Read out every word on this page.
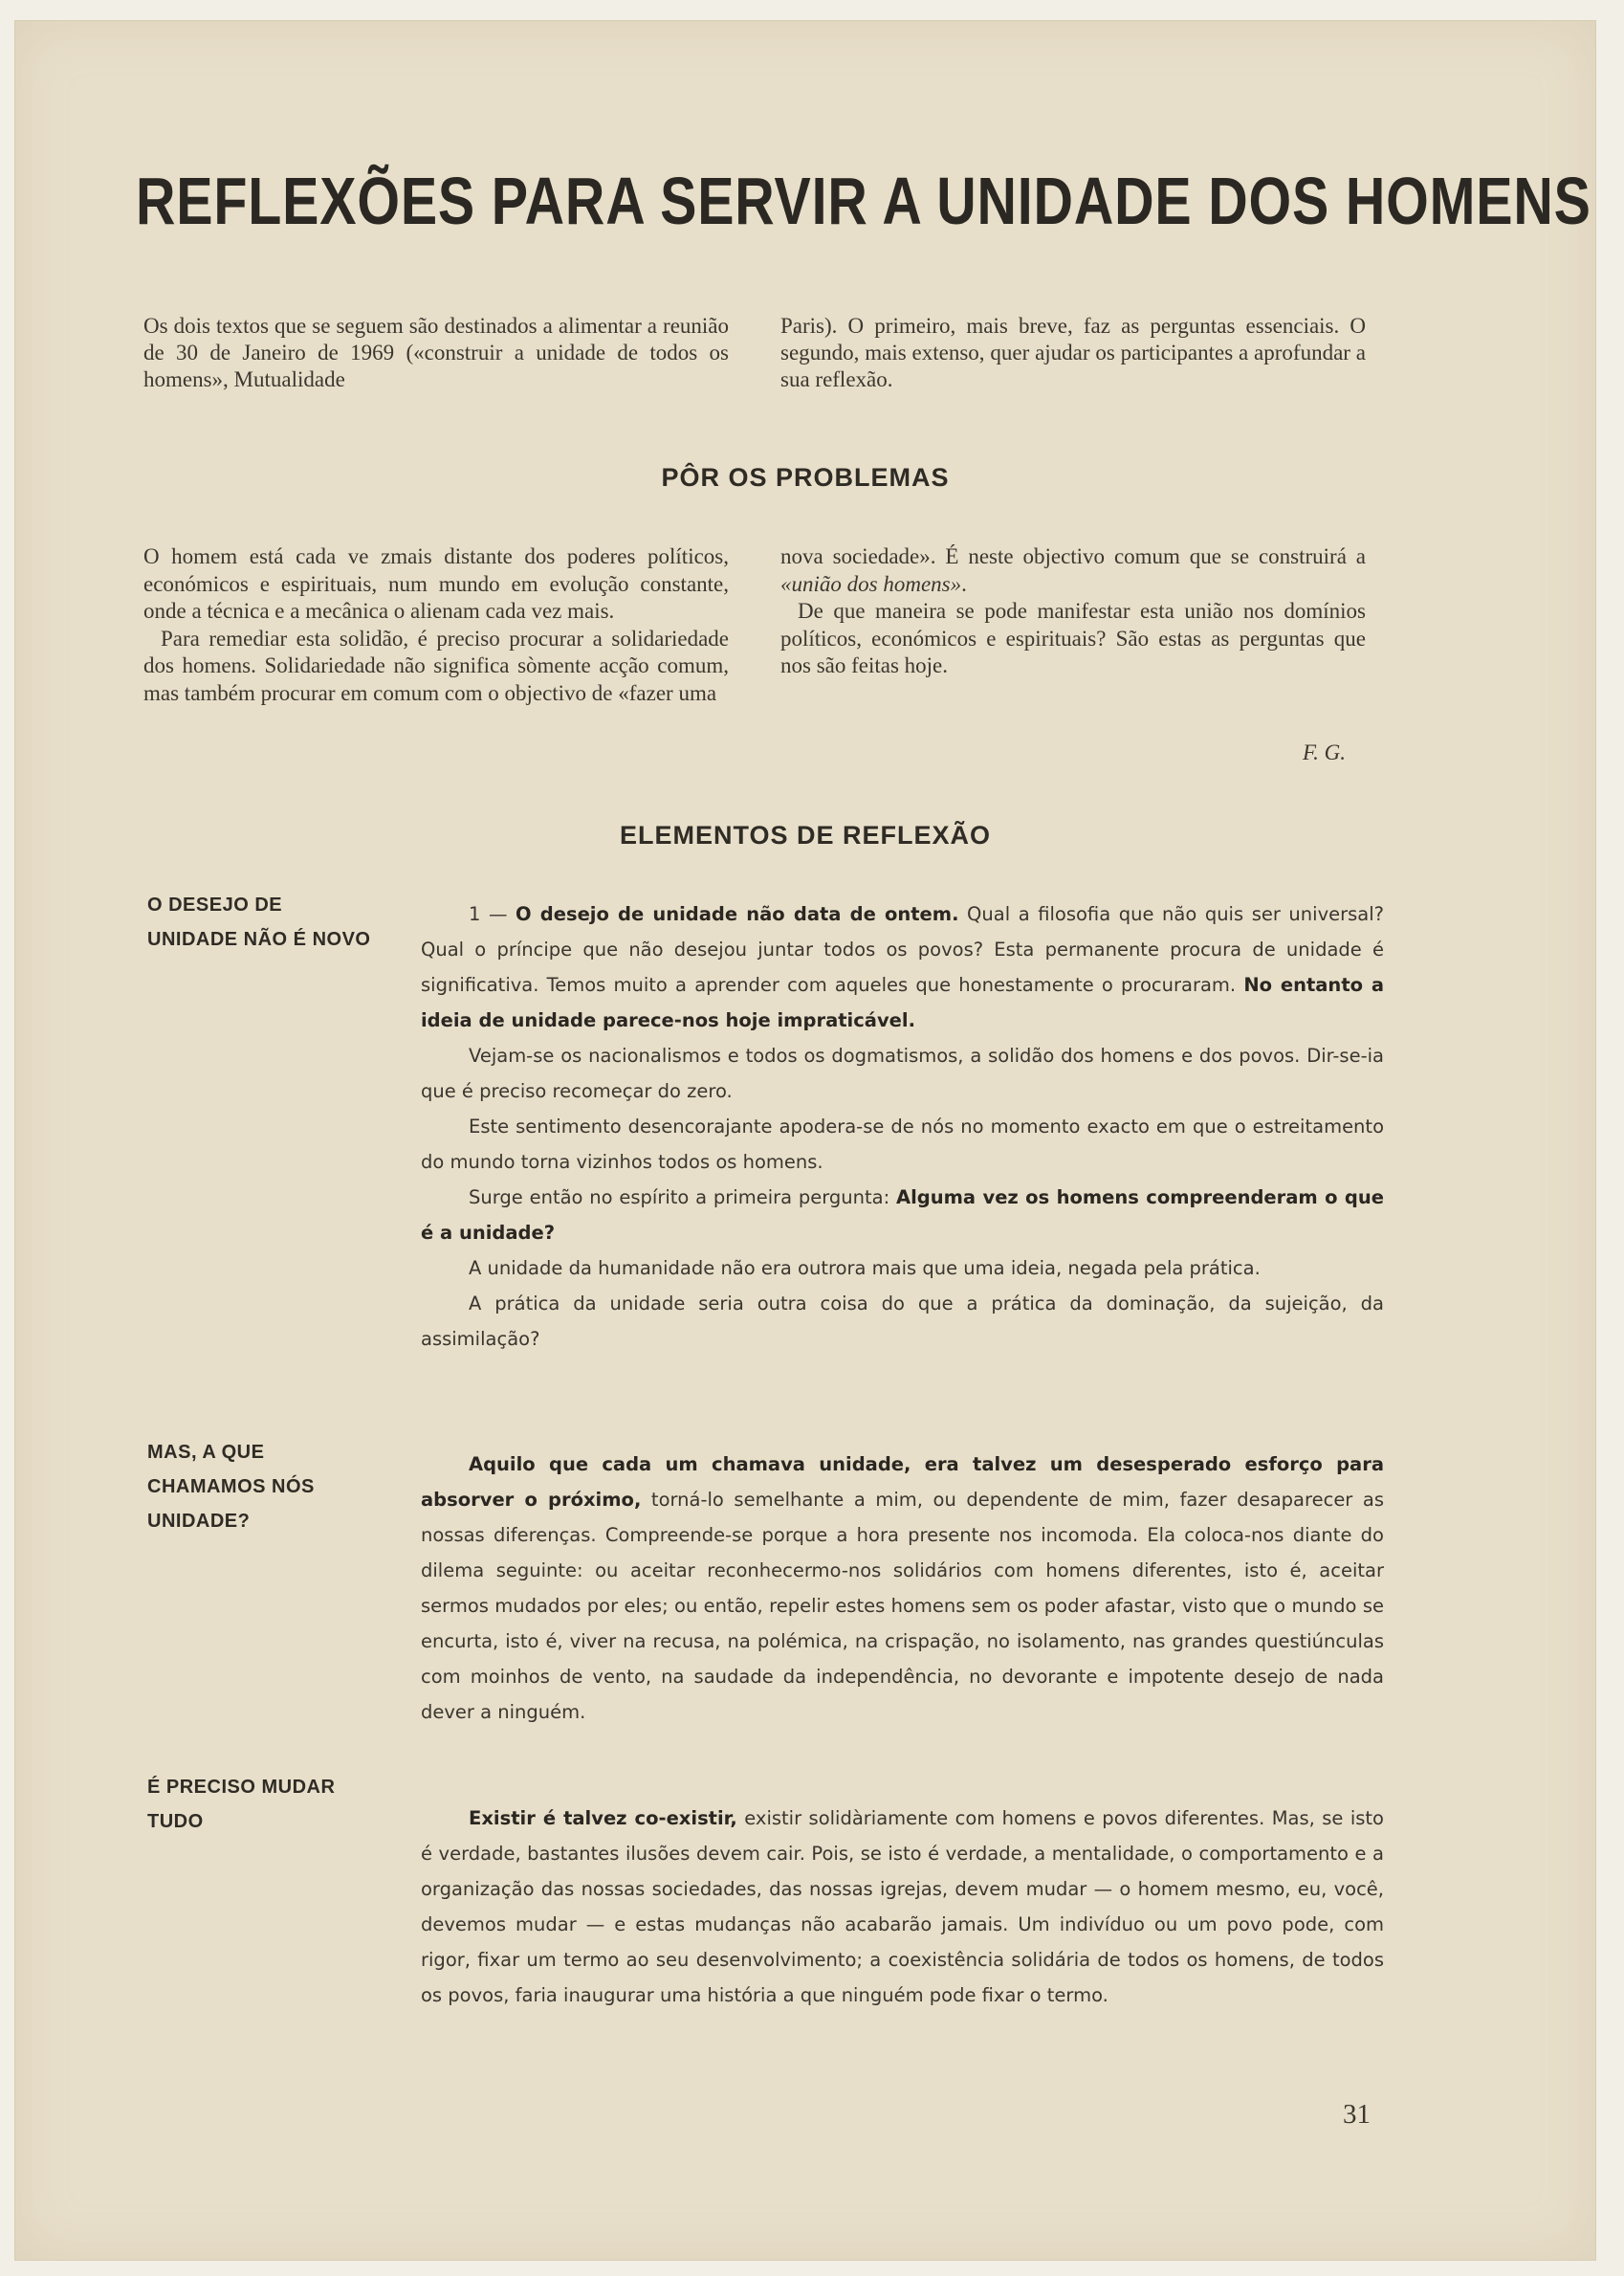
REFLEXÕES PARA SERVIR A UNIDADE DOS HOMENS
Os dois textos que se seguem são destinados a alimentar a reunião de 30 de Janeiro de 1969 («construir a unidade de todos os homens», Mutualidade
Paris). O primeiro, mais breve, faz as perguntas essenciais. O segundo, mais extenso, quer ajudar os participantes a aprofundar a sua reflexão.
PÔR OS PROBLEMAS

O homem está cada ve zmais distante dos poderes políticos, económicos e espirituais, num mundo em evolução constante, onde a técnica e a mecânica o alienam cada vez mais.

Para remediar esta solidão, é preciso procurar a solidariedade dos homens. Solidariedade não significa sòmente acção comum, mas também procurar em comum com o objectivo de «fazer uma

nova sociedade». É neste objectivo comum que se construirá a «união dos homens».

De que maneira se pode manifestar esta união nos domínios políticos, económicos e espirituais? São estas as perguntas que nos são feitas hoje.

F. G.
ELEMENTOS DE REFLEXÃO
O DESEJO DE UNIDADE NÃO É NOVO

1 — O desejo de unidade não data de ontem. Qual a filosofia que não quis ser universal? Qual o príncipe que não desejou juntar todos os povos? Esta permanente procura de unidade é significativa. Temos muito a aprender com aqueles que honestamente o procuraram. No entanto a ideia de unidade parece-nos hoje impraticável.

Vejam-se os nacionalismos e todos os dogmatismos, a solidão dos homens e dos povos. Dir-se-ia que é preciso recomeçar do zero.

Este sentimento desencorajante apodera-se de nós no momento exacto em que o estreitamento do mundo torna vizinhos todos os homens.

Surge então no espírito a primeira pergunta: Alguma vez os homens compreenderam o que é a unidade?

A unidade da humanidade não era outrora mais que uma ideia, negada pela prática.

A prática da unidade seria outra coisa do que a prática da dominação, da sujeição, da assimilação?

MAS, A QUE CHAMAMOS NÓS UNIDADE?

Aquilo que cada um chamava unidade, era talvez um desesperado esforço para absorver o próximo, torná-lo semelhante a mim, ou dependente de mim, fazer desaparecer as nossas diferenças. Compreende-se porque a hora presente nos incomoda. Ela coloca-nos diante do dilema seguinte: ou aceitar reconhecermo-nos solidários com homens diferentes, isto é, aceitar sermos mudados por eles; ou então, repelir estes homens sem os poder afastar, visto que o mundo se encurta, isto é, viver na recusa, na polémica, na crispação, no isolamento, nas grandes questiúnculas com moinhos de vento, na saudade da independência, no devorante e impotente desejo de nada dever a ninguém.

É PRECISO MUDAR TUDO	Existir é talvez co-existir, existir solidàriamente com homens e povos diferentes. Mas, se isto é verdade, bastantes ilusões devem cair. Pois, se isto é verdade, a mentalidade, o comportamento e a organização das nossas sociedades, das nossas igrejas, devem mudar — o homem mesmo, eu, você, devemos mudar — e estas mudanças não acabarão jamais. Um indivíduo ou um povo pode, com rigor, fixar um termo ao seu desenvolvimento; a coexistência solidária de todos os homens, de todos os povos, faria inaugurar uma história a que ninguém pode fixar o termo.

31
